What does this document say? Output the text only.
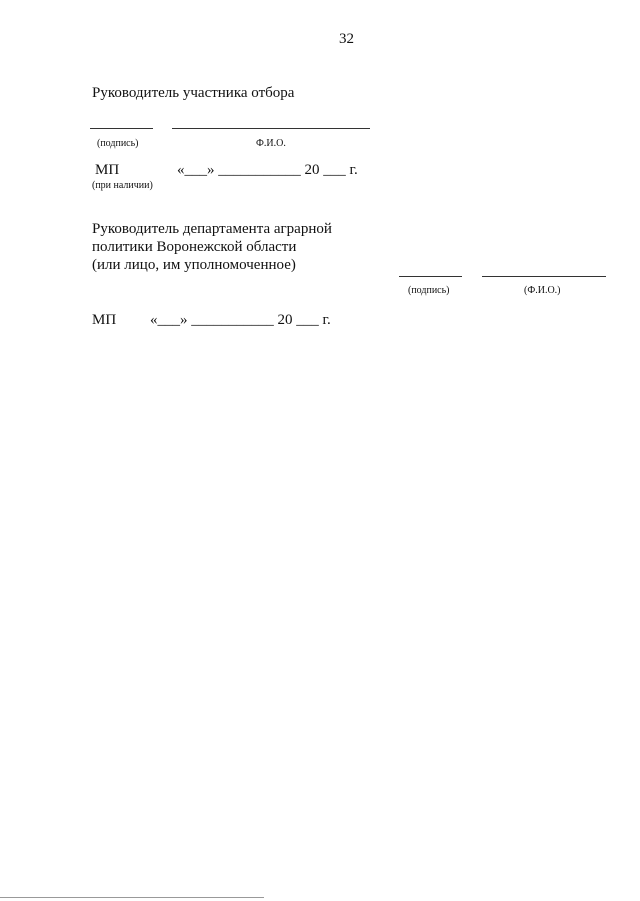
32
Руководитель участника отбора
(подпись)	Ф.И.О.
МП	«___» ___________ 20 ___ г.
(при наличии)
Руководитель департамента аграрной
политики Воронежской области
(или лицо, им уполномоченное)
(подпись)	(Ф.И.О.)
МП «___» ___________ 20 ___ г.
